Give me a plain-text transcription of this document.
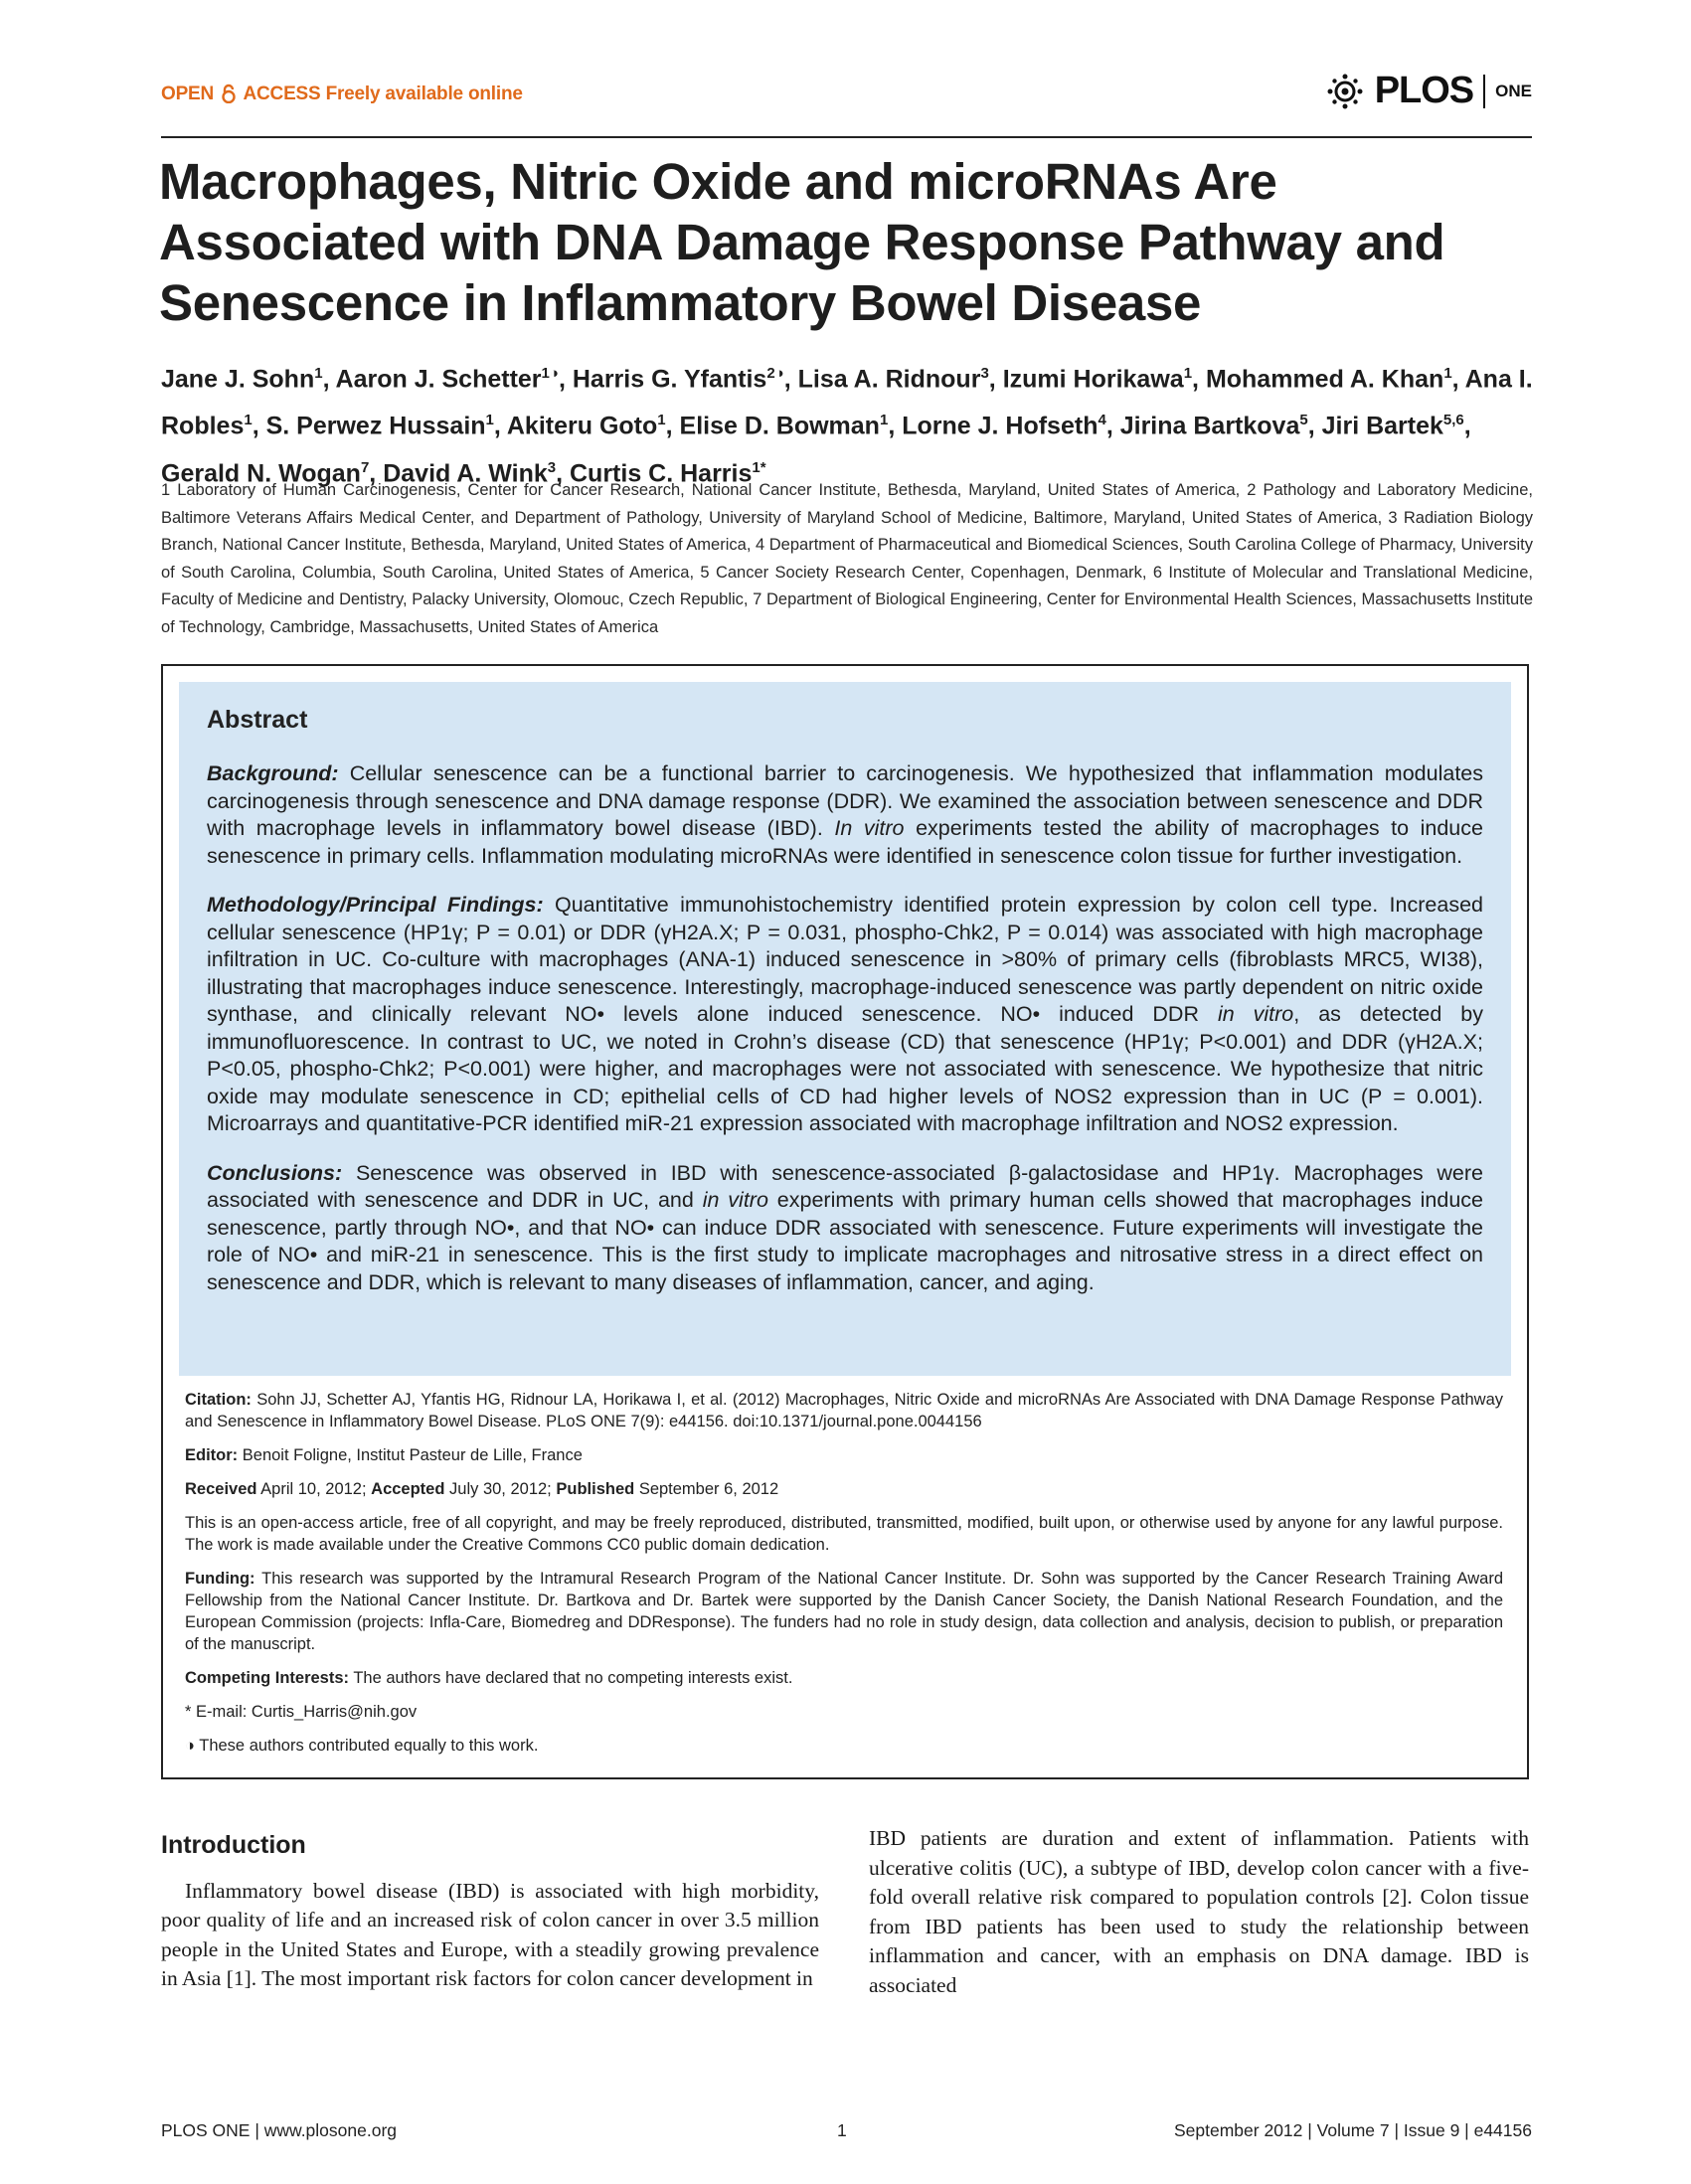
OPEN ACCESS Freely available online	PLOS ONE
Macrophages, Nitric Oxide and microRNAs Are Associated with DNA Damage Response Pathway and Senescence in Inflammatory Bowel Disease

Jane J. Sohn$^1$, Aaron J. Schetter$^{1◑}$, Harris G. Yfantis$^{2◑}$, Lisa A. Ridnour$^3$, Izumi Horikawa$^1$, Mohammed A. Khan$^1$, Ana I. Robles$^1$, S. Perwez Hussain$^1$, Akiteru Goto$^1$, Elise D. Bowman$^1$, Lorne J. Hofseth$^4$, Jirina Bartkova$^5$, Jiri Bartek$^{5,6}$, Gerald N. Wogan$^7$, David A. Wink$^3$, Curtis C. Harris$^{1*}$

1 Laboratory of Human Carcinogenesis, Center for Cancer Research, National Cancer Institute, Bethesda, Maryland, United States of America, 2 Pathology and Laboratory Medicine, Baltimore Veterans Affairs Medical Center, and Department of Pathology, University of Maryland School of Medicine, Baltimore, Maryland, United States of America, 3 Radiation Biology Branch, National Cancer Institute, Bethesda, Maryland, United States of America, 4 Department of Pharmaceutical and Biomedical Sciences, South Carolina College of Pharmacy, University of South Carolina, Columbia, South Carolina, United States of America, 5 Cancer Society Research Center, Copenhagen, Denmark, 6 Institute of Molecular and Translational Medicine, Faculty of Medicine and Dentistry, Palacky University, Olomouc, Czech Republic, 7 Department of Biological Engineering, Center for Environmental Health Sciences, Massachusetts Institute of Technology, Cambridge, Massachusetts, United States of America

Abstract

Background: Cellular senescence can be a functional barrier to carcinogenesis. We hypothesized that inflammation modulates carcinogenesis through senescence and DNA damage response (DDR). We examined the association between senescence and DDR with macrophage levels in inflammatory bowel disease (IBD). In vitro experiments tested the ability of macrophages to induce senescence in primary cells. Inflammation modulating microRNAs were identified in senescence colon tissue for further investigation.

Methodology/Principal Findings: Quantitative immunohistochemistry identified protein expression by colon cell type. Increased cellular senescence (HP1γ; P = 0.01) or DDR (γH2A.X; P = 0.031, phospho-Chk2, P = 0.014) was associated with high macrophage infiltration in UC. Co-culture with macrophages (ANA-1) induced senescence in >80% of primary cells (fibroblasts MRC5, WI38), illustrating that macrophages induce senescence. Interestingly, macrophage-induced senescence was partly dependent on nitric oxide synthase, and clinically relevant NO• levels alone induced senescence. NO• induced DDR in vitro, as detected by immunofluorescence. In contrast to UC, we noted in Crohn’s disease (CD) that senescence (HP1γ; P<0.001) and DDR (γH2A.X; P<0.05, phospho-Chk2; P<0.001) were higher, and macrophages were not associated with senescence. We hypothesize that nitric oxide may modulate senescence in CD; epithelial cells of CD had higher levels of NOS2 expression than in UC (P = 0.001). Microarrays and quantitative-PCR identified miR-21 expression associated with macrophage infiltration and NOS2 expression.

Conclusions: Senescence was observed in IBD with senescence-associated β-galactosidase and HP1γ. Macrophages were associated with senescence and DDR in UC, and in vitro experiments with primary human cells showed that macrophages induce senescence, partly through NO•, and that NO• can induce DDR associated with senescence. Future experiments will investigate the role of NO• and miR-21 in senescence. This is the first study to implicate macrophages and nitrosative stress in a direct effect on senescence and DDR, which is relevant to many diseases of inflammation, cancer, and aging.

Citation: Sohn JJ, Schetter AJ, Yfantis HG, Ridnour LA, Horikawa I, et al. (2012) Macrophages, Nitric Oxide and microRNAs Are Associated with DNA Damage Response Pathway and Senescence in Inflammatory Bowel Disease. PLoS ONE 7(9): e44156. doi:10.1371/journal.pone.0044156

Editor: Benoit Foligne, Institut Pasteur de Lille, France

Received April 10, 2012; Accepted July 30, 2012; Published September 6, 2012

This is an open-access article, free of all copyright, and may be freely reproduced, distributed, transmitted, modified, built upon, or otherwise used by anyone for any lawful purpose. The work is made available under the Creative Commons CC0 public domain dedication.

Funding: This research was supported by the Intramural Research Program of the National Cancer Institute. Dr. Sohn was supported by the Cancer Research Training Award Fellowship from the National Cancer Institute. Dr. Bartkova and Dr. Bartek were supported by the Danish Cancer Society, the Danish National Research Foundation, and the European Commission (projects: Infla-Care, Biomedreg and DDResponse). The funders had no role in study design, data collection and analysis, decision to publish, or preparation of the manuscript.

Competing Interests: The authors have declared that no competing interests exist.

* E-mail: Curtis_Harris@nih.gov

◑ These authors contributed equally to this work.

Introduction

Inflammatory bowel disease (IBD) is associated with high morbidity, poor quality of life and an increased risk of colon cancer in over 3.5 million people in the United States and Europe, with a steadily growing prevalence in Asia [1]. The most important risk factors for colon cancer development in

IBD patients are duration and extent of inflammation. Patients with ulcerative colitis (UC), a subtype of IBD, develop colon cancer with a five-fold overall relative risk compared to population controls [2]. Colon tissue from IBD patients has been used to study the relationship between inflammation and cancer, with an emphasis on DNA damage. IBD is associated

PLOS ONE | www.plosone.org	1	September 2012 | Volume 7 | Issue 9 | e44156
